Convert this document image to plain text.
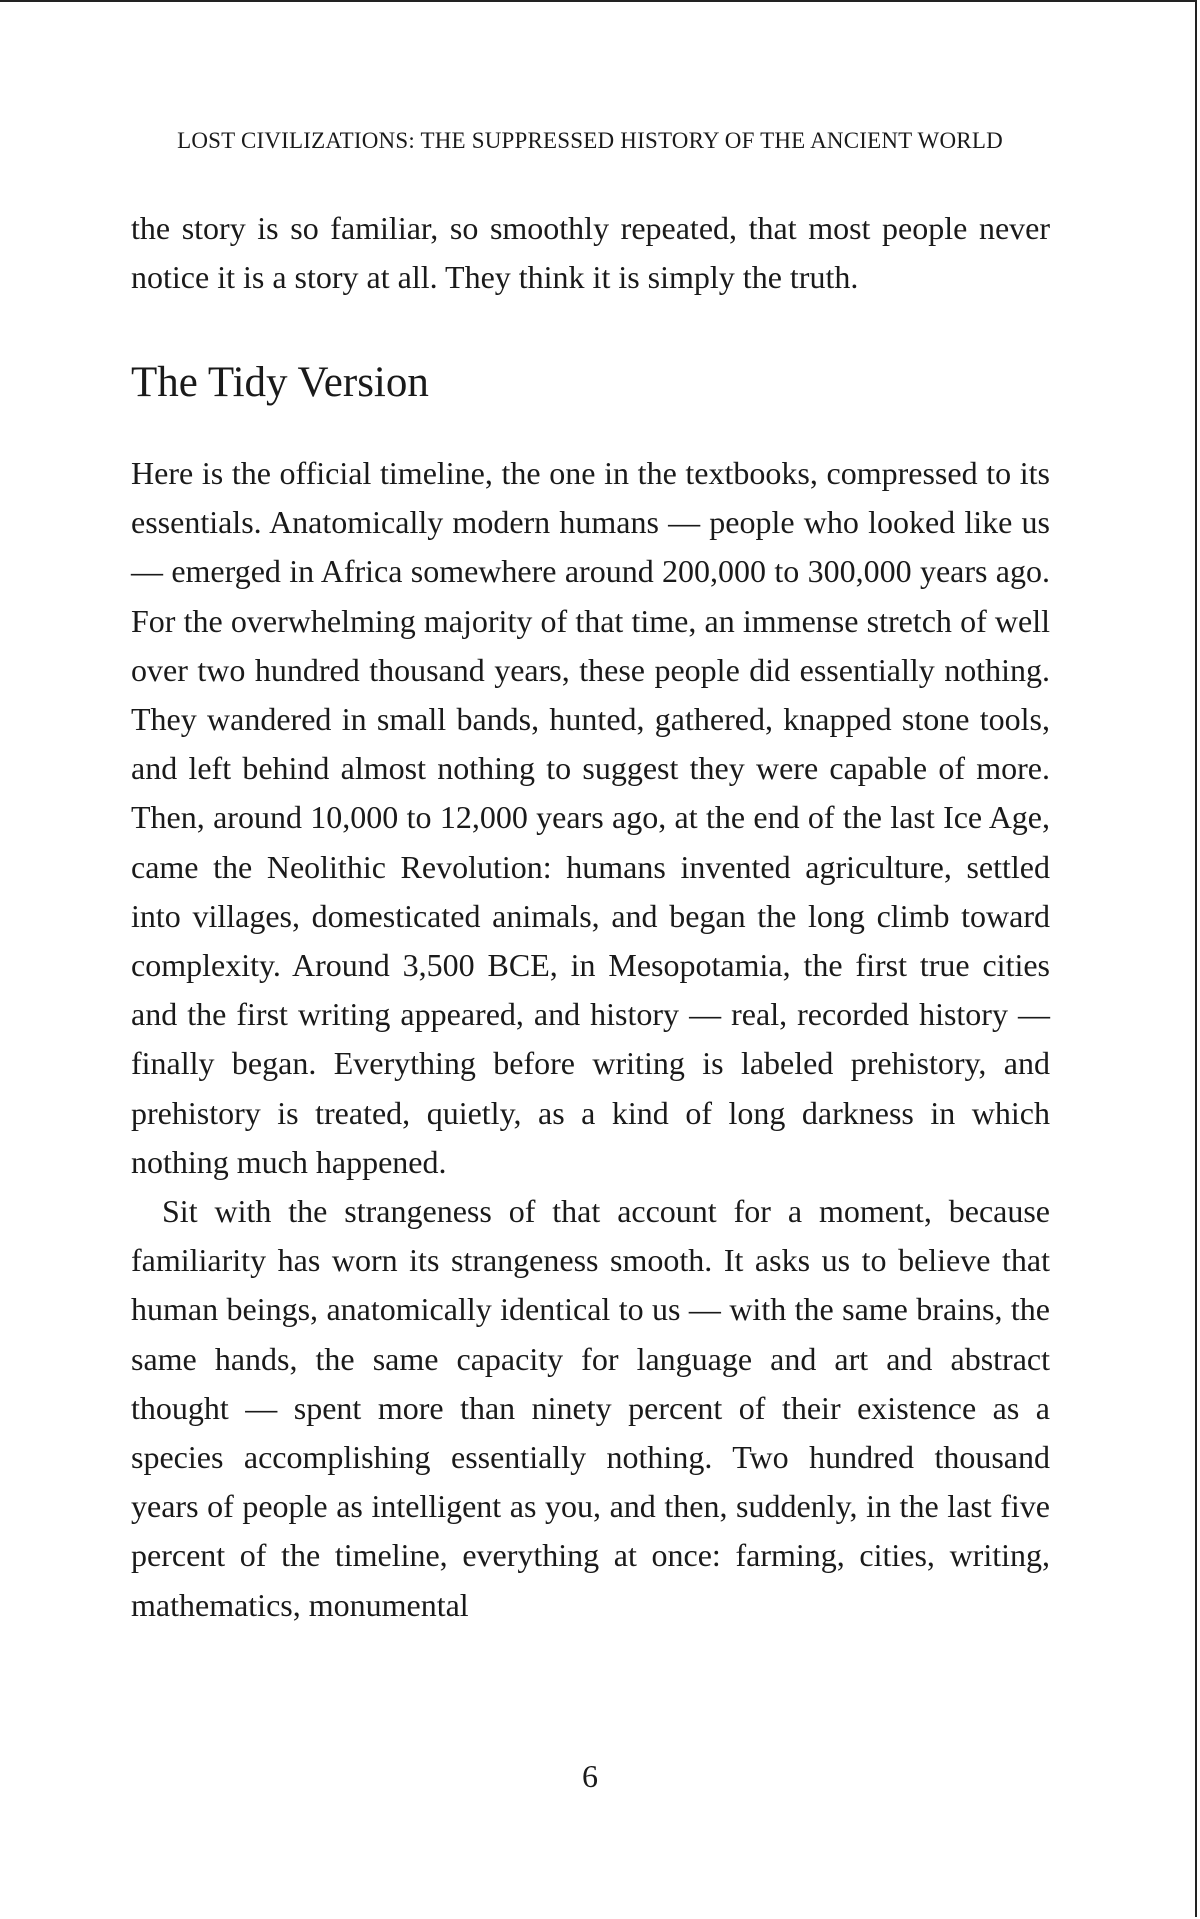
LOST CIVILIZATIONS: THE SUPPRESSED HISTORY OF THE ANCIENT WORLD

the story is so familiar, so smoothly repeated, that most people never notice it is a story at all. They think it is simply the truth.

The Tidy Version

Here is the official timeline, the one in the textbooks, compressed to its essentials. Anatomically modern humans — people who looked like us — emerged in Africa somewhere around 200,000 to 300,000 years ago. For the overwhelming majority of that time, an immense stretch of well over two hundred thousand years, these people did essentially nothing. They wandered in small bands, hunted, gathered, knapped stone tools, and left behind almost nothing to suggest they were capable of more. Then, around 10,000 to 12,000 years ago, at the end of the last Ice Age, came the Neolithic Revolution: humans invented agriculture, settled into villages, domesticated animals, and began the long climb toward complexity. Around 3,500 BCE, in Mesopotamia, the first true cities and the first writing appeared, and history — real, recorded history — finally began. Everything before writing is labeled prehistory, and prehistory is treated, quietly, as a kind of long darkness in which nothing much happened.

Sit with the strangeness of that account for a moment, because familiarity has worn its strangeness smooth. It asks us to believe that human beings, anatomically identical to us — with the same brains, the same hands, the same capacity for language and art and abstract thought — spent more than ninety percent of their existence as a species accomplishing essentially nothing. Two hundred thousand years of people as intelligent as you, and then, suddenly, in the last five percent of the timeline, everything at once: farming, cities, writing, mathematics, monumental

6
